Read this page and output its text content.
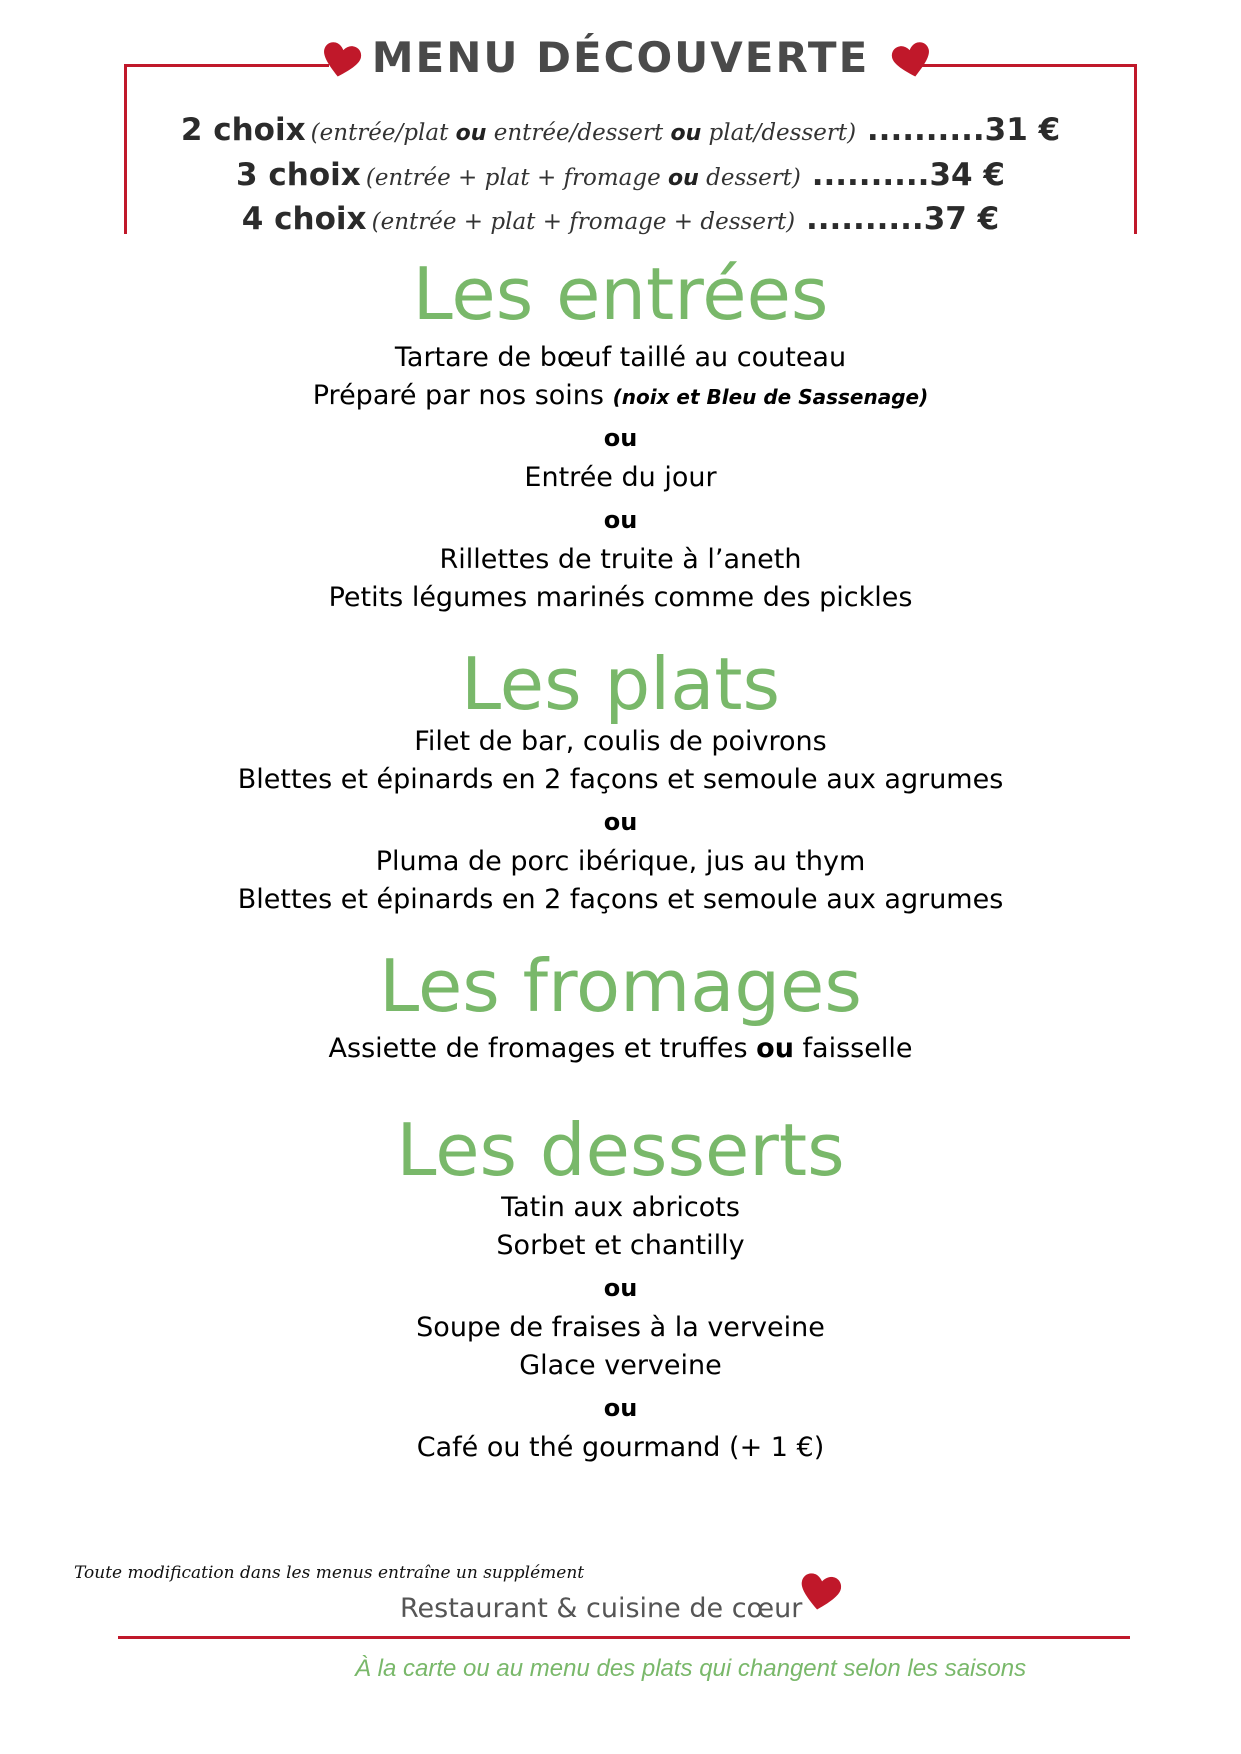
MENU DÉCOUVERTE
2 choix (entrée/plat ou entrée/dessert ou plat/dessert) ..........31 €
3 choix (entrée + plat + fromage ou dessert) ..........34 €
4 choix (entrée + plat + fromage + dessert) ..........37 €
Les entrées
Tartare de bœuf taillé au couteau
Préparé par nos soins (noix et Bleu de Sassenage)
ou
Entrée du jour
ou
Rillettes de truite à l’aneth
Petits légumes marinés comme des pickles
Les plats
Filet de bar, coulis de poivrons
Blettes et épinards en 2 façons et semoule aux agrumes
ou
Pluma de porc ibérique, jus au thym
Blettes et épinards en 2 façons et semoule aux agrumes
Les fromages
Assiette de fromages et truffes ou faisselle
Les desserts
Tatin aux abricots
Sorbet et chantilly
ou
Soupe de fraises à la verveine
Glace verveine
ou
Café ou thé gourmand (+ 1 €)
Toute modification dans les menus entraîne un supplément
Restaurant & cuisine de cœur
À la carte ou au menu des plats qui changent selon les saisons
